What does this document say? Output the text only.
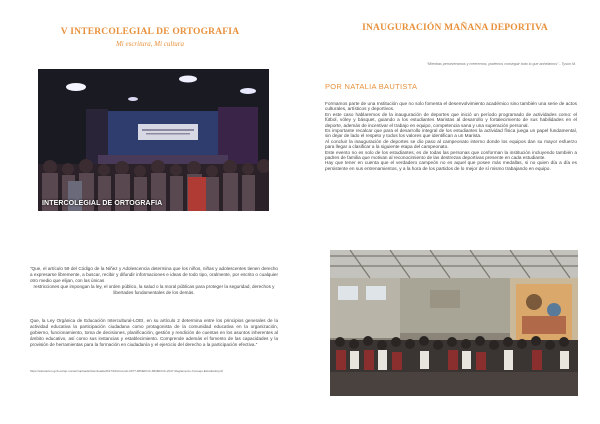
V INTERCOLEGIAL DE ORTOGRAFIA
Mi escritura, Mi cultura
INTERCOLEGIAL DE ORTOGRAFIA

“Que, el artículo 59 del Código de la Niñez y Adolescencia determina que los niños, niñas y adolescentes tienen derecho a expresarse libremente, a buscar, recibir y difundir informaciones e ideas de todo tipo, oralmente, por escrito o cualquier otro medio que elijan, con las únicas

restricciones que impongan la ley, el orden público, la salud o la moral públicas para proteger la seguridad, derechos y libertades fundamentales de los demás.

Que, la Ley Orgánica de Educación Intercultural-LOEI, en su artículo 2 determina entre los principios generales de la actividad educativa la participación ciudadana como protagonista de la comunidad educativa en la organización, gobierno, funcionamiento, toma de decisiones, planificación, gestión y rendición de cuentas en los asuntos inherentes al ámbito educativo, así como sus instancias y establecimiento. Comprende además el fomento de las capacidades y la provisión de herramientas para la formación en ciudadanía y el ejercicio del derecho a la participación efectiva.”

https://educacion.gob.ec/wp-content/uploads/downloads/2017/10/Acuerdo-0077-MINEDUC-MINEDUC-2017-Reglamento-Consejo-Estudiantil.pdf
INAUGURACIÓN MAÑANA DEPORTIVA
“Mientras persevéramos y creeremos, podemos conseguir todo lo que anhelamos” - Tyson M.
POR NATALIA BAUTISTA

Formamos parte de una Institución que no solo fomenta el desenvolvimiento académico sino también una serie de actos culturales, artísticos y deportivos.

En este caso hablaremos de la inauguración de deportes que inició un período programado de actividades como: el fútbol, vóley y básquet, guiando a los estudiantes Maristas al desarrollo y fortalecimiento de sus habilidades en el deporte, además de incentivar el trabajo en equipo, competencia sana y una superación personal.

Es importante recalcar que para el desarrollo integral de los estudiantes la actividad física juega un papel fundamental, sin dejar de lado el respeto y todos los valores que identifican a un Marista.

Al concluir la inauguración de deportes se dio paso al campeonato interno donde los equipos dan su mayor esfuerzo para llegar a clasificar a la siguiente etapa del campeonato.

Este evento no es solo de los estudiantes, es de todas las personas que conforman la institución incluyendo también a padres de familia que motivan al reconocimiento de las destrezas deportivas presente en cada estudiante.

Hay que tener en cuenta que el verdadero campeón no es aquel que posee más medallas, si no quien día a día es persistente en sus entrenamientos, y a la hora de los partidos de lo mejor de sí mismo trabajando en equipo.
